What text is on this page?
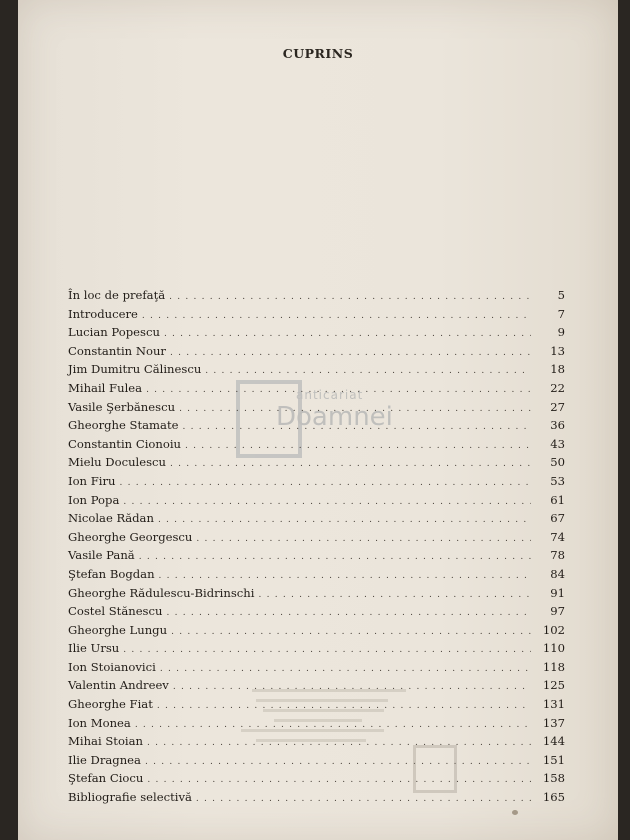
CUPRINS
anticariat
Doamnei
În loc de prefaţă . . .	5
Introducere . . .	7
Lucian Popescu . . .	9
Constantin Nour . . .	13
Jim Dumitru Călinescu . . .	18
Mihail Fulea . . .	22
Vasile Şerbănescu . . .	27
Gheorghe Stamate . . .	36
Constantin Cionoiu . . .	43
Mielu Doculescu . . .	50
Ion Firu . . .	53
Ion Popa . . .	61
Nicolae Rădan . . .	67
Gheorghe Georgescu . . .	74
Vasile Pană . . .	78
Ştefan Bogdan . . .	84
Gheorghe Rădulescu-Bidrinschi . . .	91
Costel Stănescu . . .	97
Gheorghe Lungu . . .	102
Ilie Ursu . . .	110
Ion Stoianovici . . .	118
Valentin Andreev . . .	125
Gheorghe Fiat . . .	131
Ion Monea . . .	137
Mihai Stoian . . .	144
Ilie Dragnea . . .	151
Ştefan Ciocu . . .	158
Bibliografie selectivă . . .	165
